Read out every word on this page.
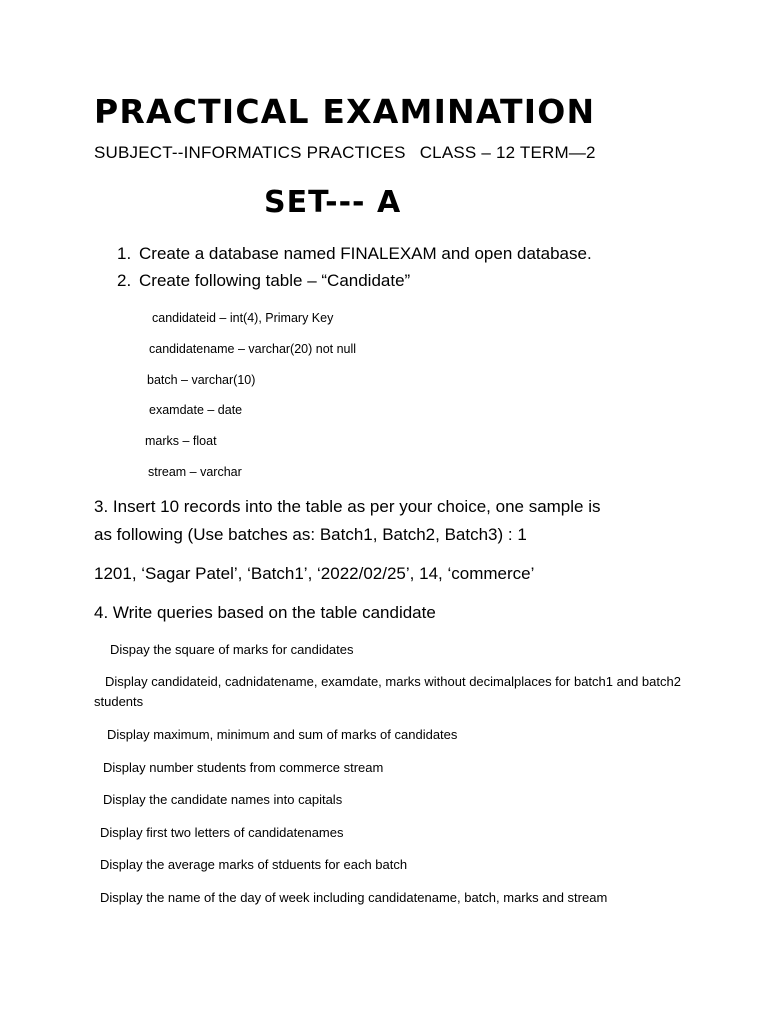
PRACTICAL EXAMINATION
SUBJECT--INFORMATICS PRACTICES CLASS – 12 TERM—2
SET--- A
1. Create a database named FINALEXAM and open database.
2. Create following table – “Candidate”
candidateid – int(4), Primary Key
candidatename – varchar(20) not null
batch – varchar(10)
examdate – date
marks – float
stream – varchar
3. Insert 10 records into the table as per your choice, one sample is
as following (Use batches as: Batch1, Batch2, Batch3) : 1
1201, ‘Sagar Patel’, ‘Batch1’, ‘2022/02/25’, 14, ‘commerce’
4. Write queries based on the table candidate
Dispay the square of marks for candidates
Display candidateid, cadnidatename, examdate, marks without decimalplaces for batch1 and batch2 students
Display maximum, minimum and sum of marks of candidates
Display number students from commerce stream
Display the candidate names into capitals
Display first two letters of candidatenames
Display the average marks of stduents for each batch
Display the name of the day of week including candidatename, batch, marks and stream
